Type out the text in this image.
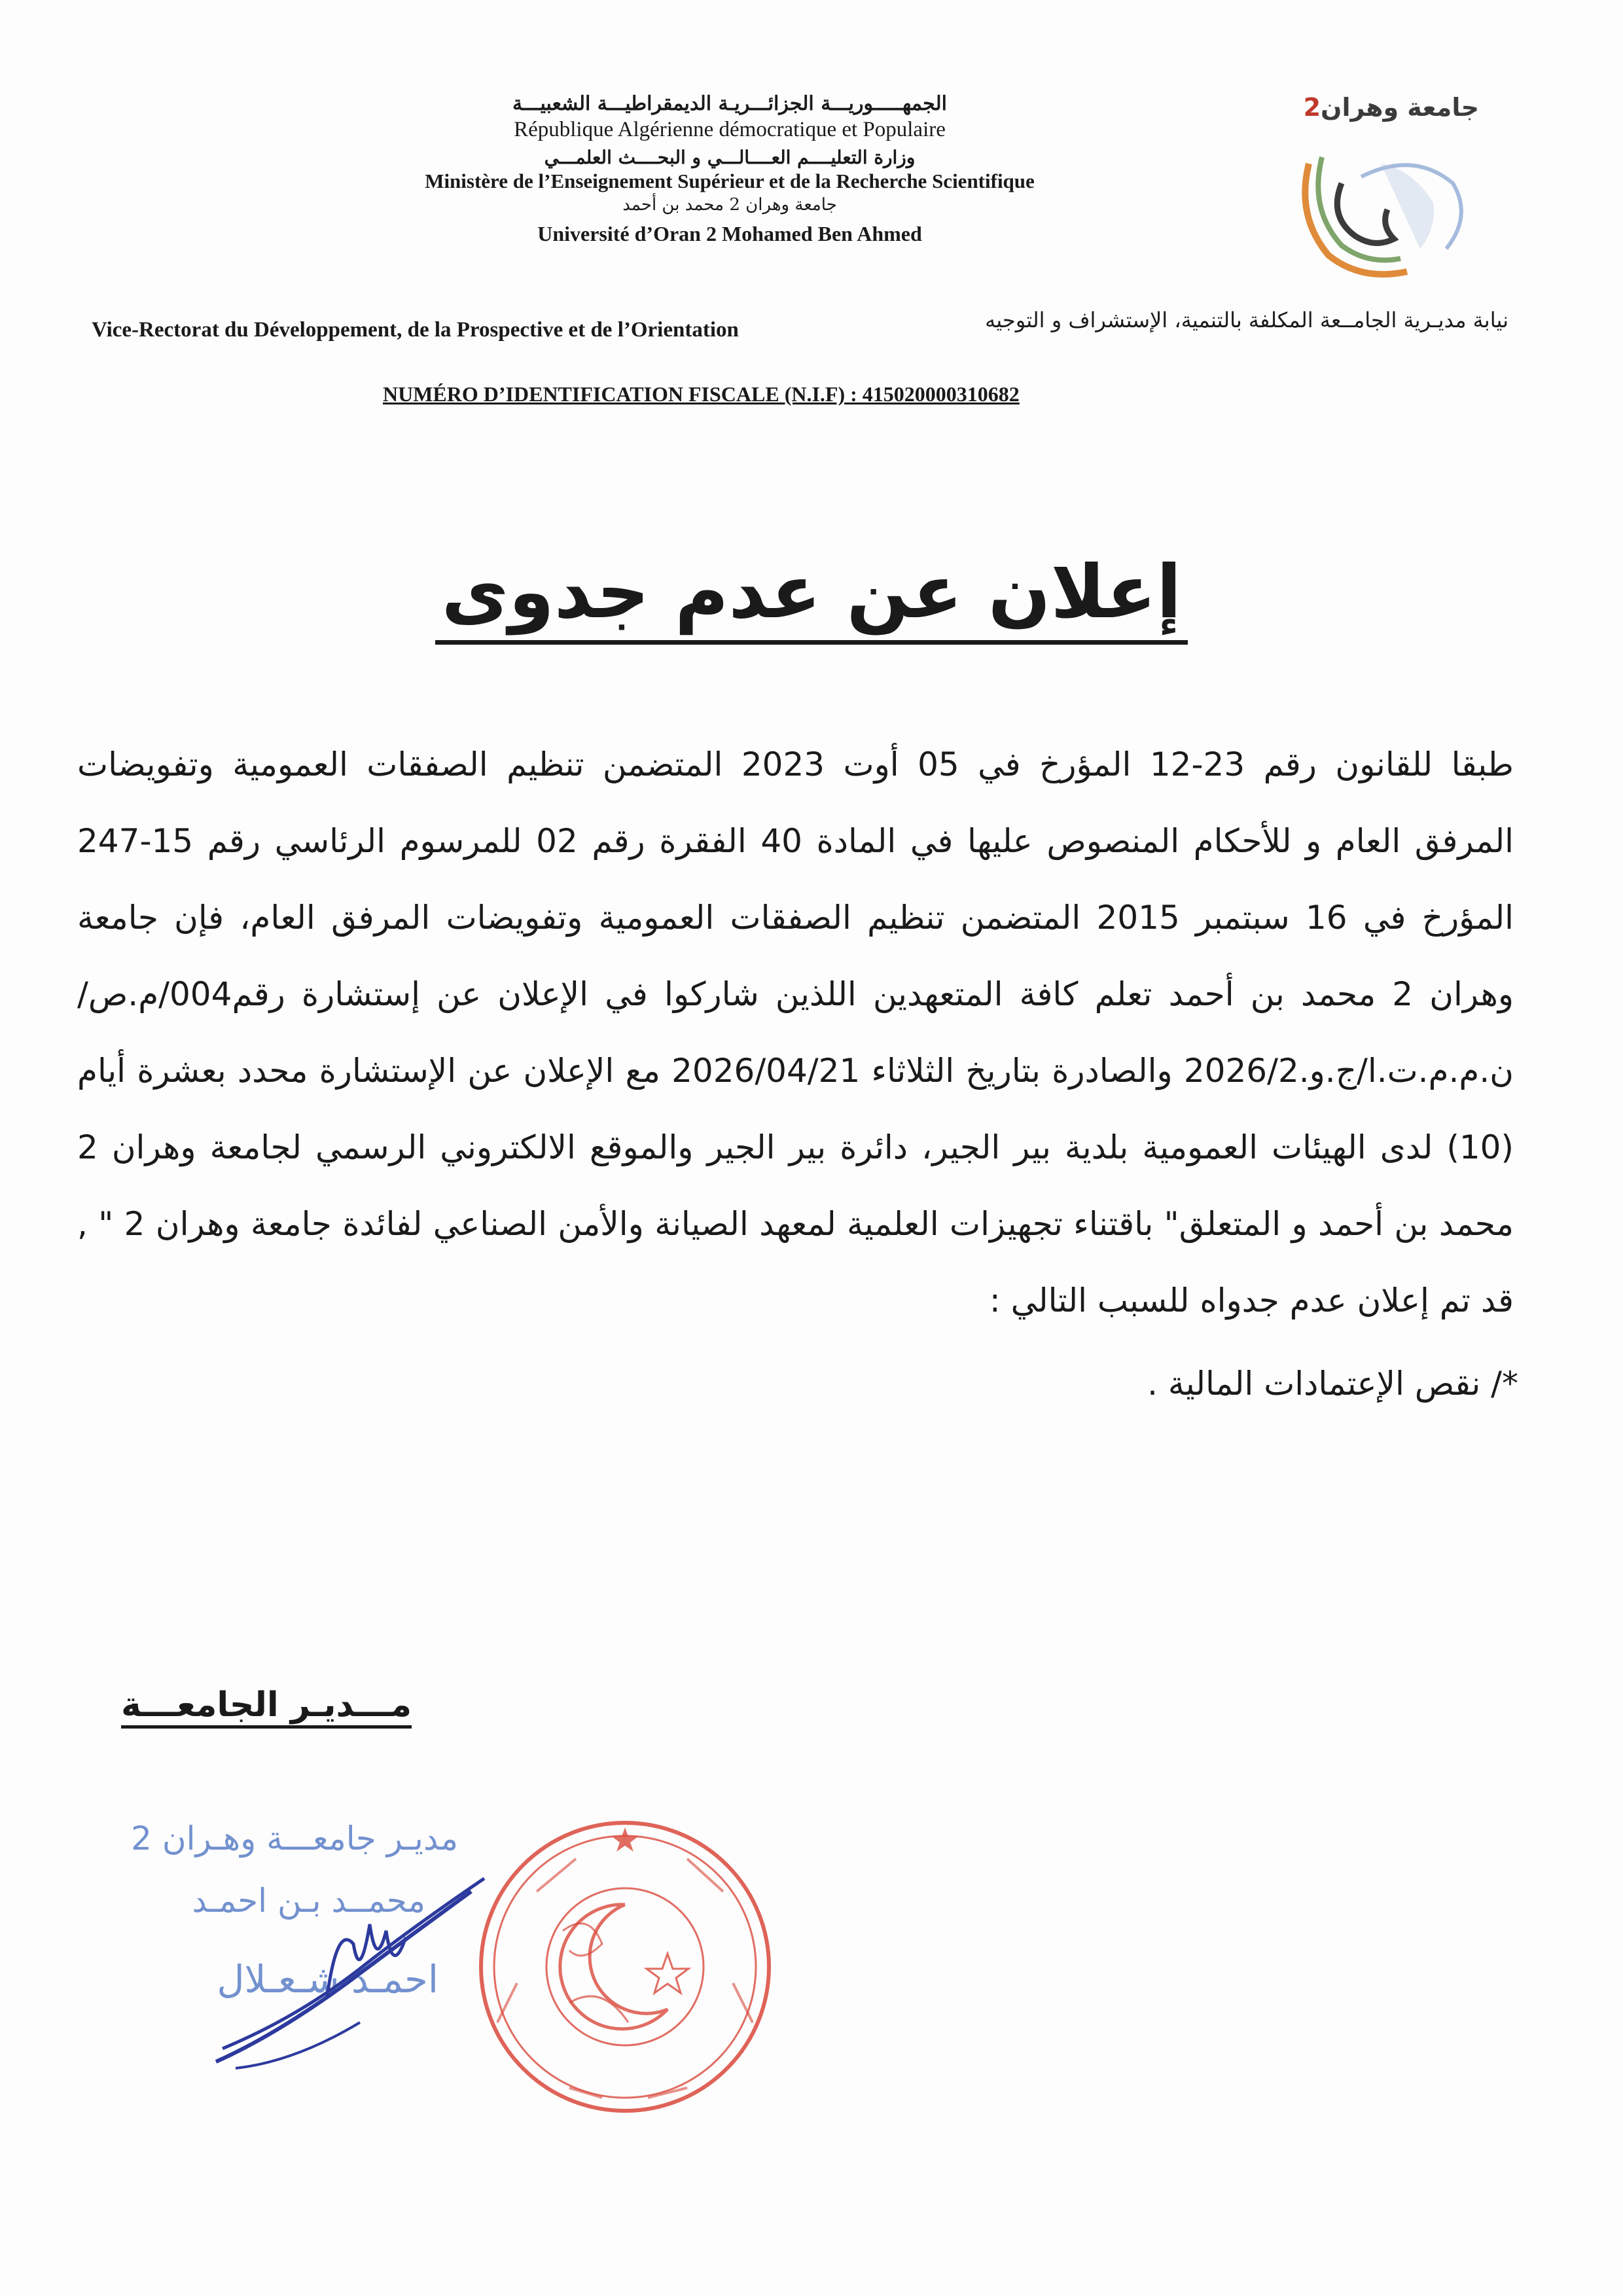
الجمهـــــوريـــة الجزائـــريـة الديمقراطيـــة الشعبيـــة
République Algérienne démocratique et Populaire
وزارة التعليــــم العــــالـــي و البحــــث العلمـــي
Ministère de l’Enseignement Supérieur et de la Recherche Scientifique
جامعة وهران 2 محمد بن أحمد
Université d’Oran 2 Mohamed Ben Ahmed
جامعة وهران2
Vice-Rectorat du Développement, de la Prospective et de l’Orientation	نيابة مديـرية الجامــعة المكلفة بالتنمية، الإستشراف و التوجيه
NUMÉRO D’IDENTIFICATION FISCALE (N.I.F) : 415020000310682
إعلان عن عدم جدوى

طبقا للقانون رقم 23-12 المؤرخ في 05 أوت 2023 المتضمن تنظيم الصفقات العمومية وتفويضات المرفق العام و للأحكام المنصوص عليها في المادة 40 الفقرة رقم 02 للمرسوم الرئاسي رقم 15-247 المؤرخ في 16 سبتمبر 2015 المتضمن تنظيم الصفقات العمومية وتفويضات المرفق العام، فإن جامعة وهران 2 محمد بن أحمد تعلم كافة المتعهدين اللذين شاركوا في الإعلان عن إستشارة رقم004/م.ص/ن.م.م.ت.ا/ج.و.2026/2 والصادرة بتاريخ الثلاثاء 2026/04/21 مع الإعلان عن الإستشارة محدد بعشرة أيام (10) لدى الهيئات العمومية بلدية بير الجير، دائرة بير الجير والموقع الالكتروني الرسمي لجامعة وهران 2 محمد بن أحمد و المتعلق" باقتناء تجهيزات العلمية لمعهد الصيانة والأمن الصناعي لفائدة جامعة وهران 2 " , قد تم إعلان عدم جدواه للسبب التالي :

*/ نقص الإعتمادات المالية .
مـــديـر الجامعـــة
مديـر جامعـــة وهـران 2
محمــد بـن احمـد
احمـد شـعـلال
